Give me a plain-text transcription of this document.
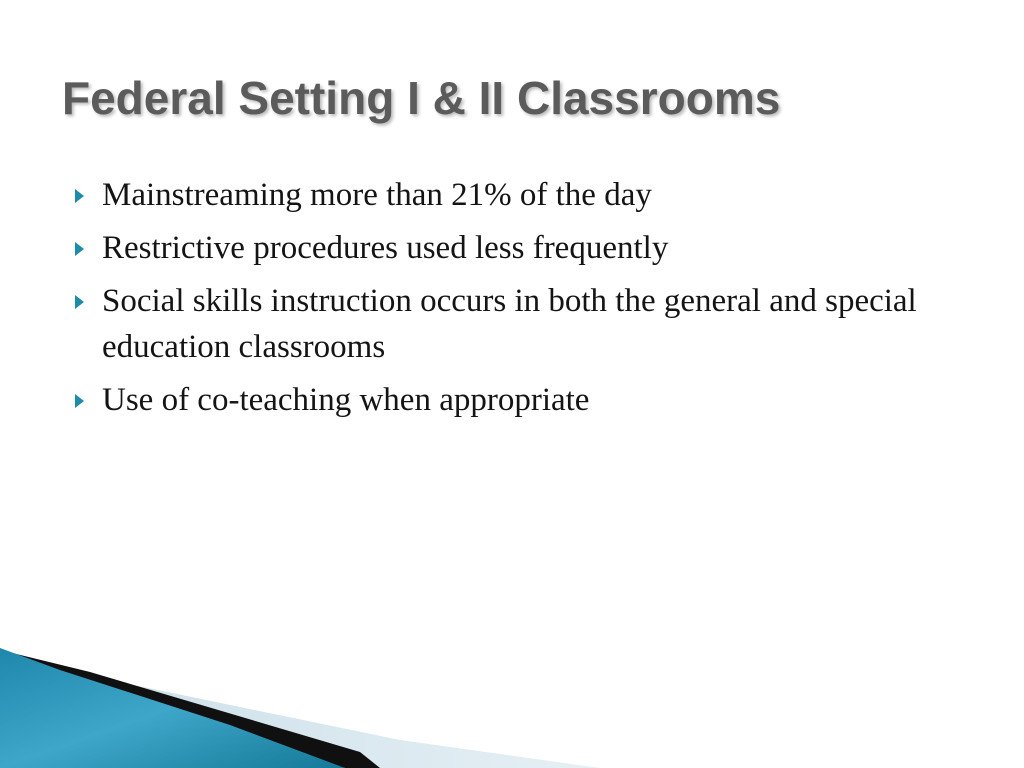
Federal Setting I & II Classrooms
Mainstreaming more than 21% of the day
Restrictive procedures used less frequently
Social skills instruction occurs in both the general and special education classrooms
Use of co-teaching when appropriate
